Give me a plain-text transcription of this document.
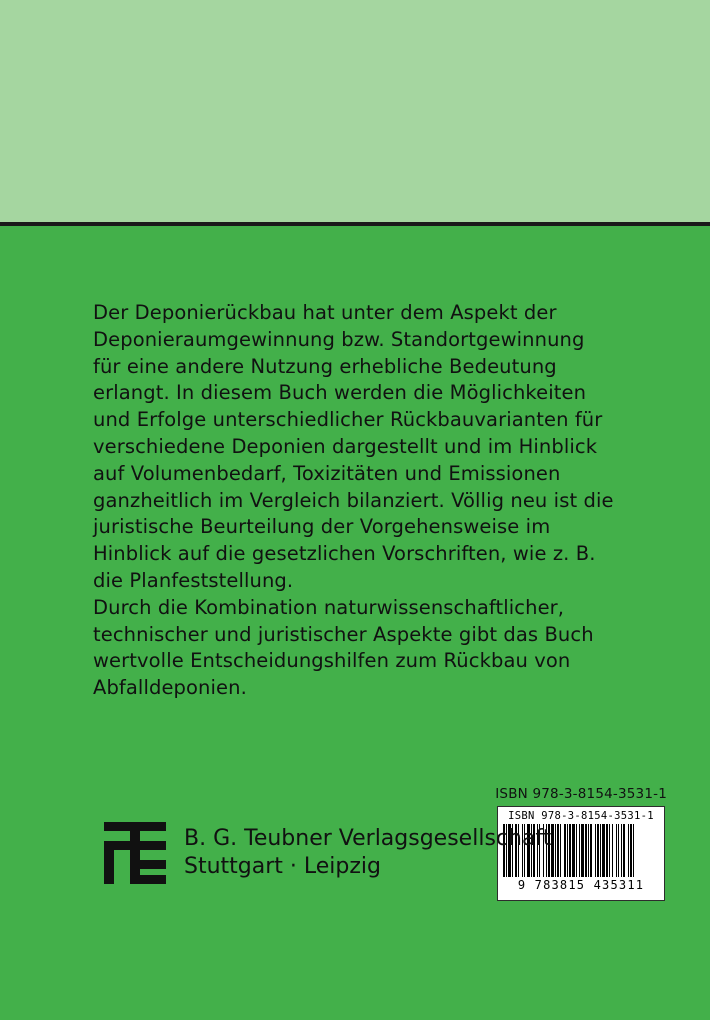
Der Deponierückbau hat unter dem Aspekt der Deponieraumgewinnung bzw. Standortgewinnung für eine andere Nutzung erhebliche Bedeutung erlangt. In diesem Buch werden die Möglichkeiten und Erfolge unterschiedlicher Rückbauvarianten für verschiedene Deponien dargestellt und im Hinblick auf Volumenbedarf, Toxizitäten und Emissionen ganzheitlich im Vergleich bilanziert. Völlig neu ist die juristische Beurteilung der Vorgehensweise im Hinblick auf die gesetzlichen Vorschriften, wie z. B. die Planfeststellung.

Durch die Kombination naturwissenschaftlicher, technischer und juristischer Aspekte gibt das Buch wertvolle Entscheidungshilfen zum Rückbau von Abfalldeponien.

ISBN 978-3-8154-3531-1
ISBN 978-3-8154-3531-1
9 783815 435311
B. G. Teubner Verlagsgesellschaft
Stuttgart · Leipzig
